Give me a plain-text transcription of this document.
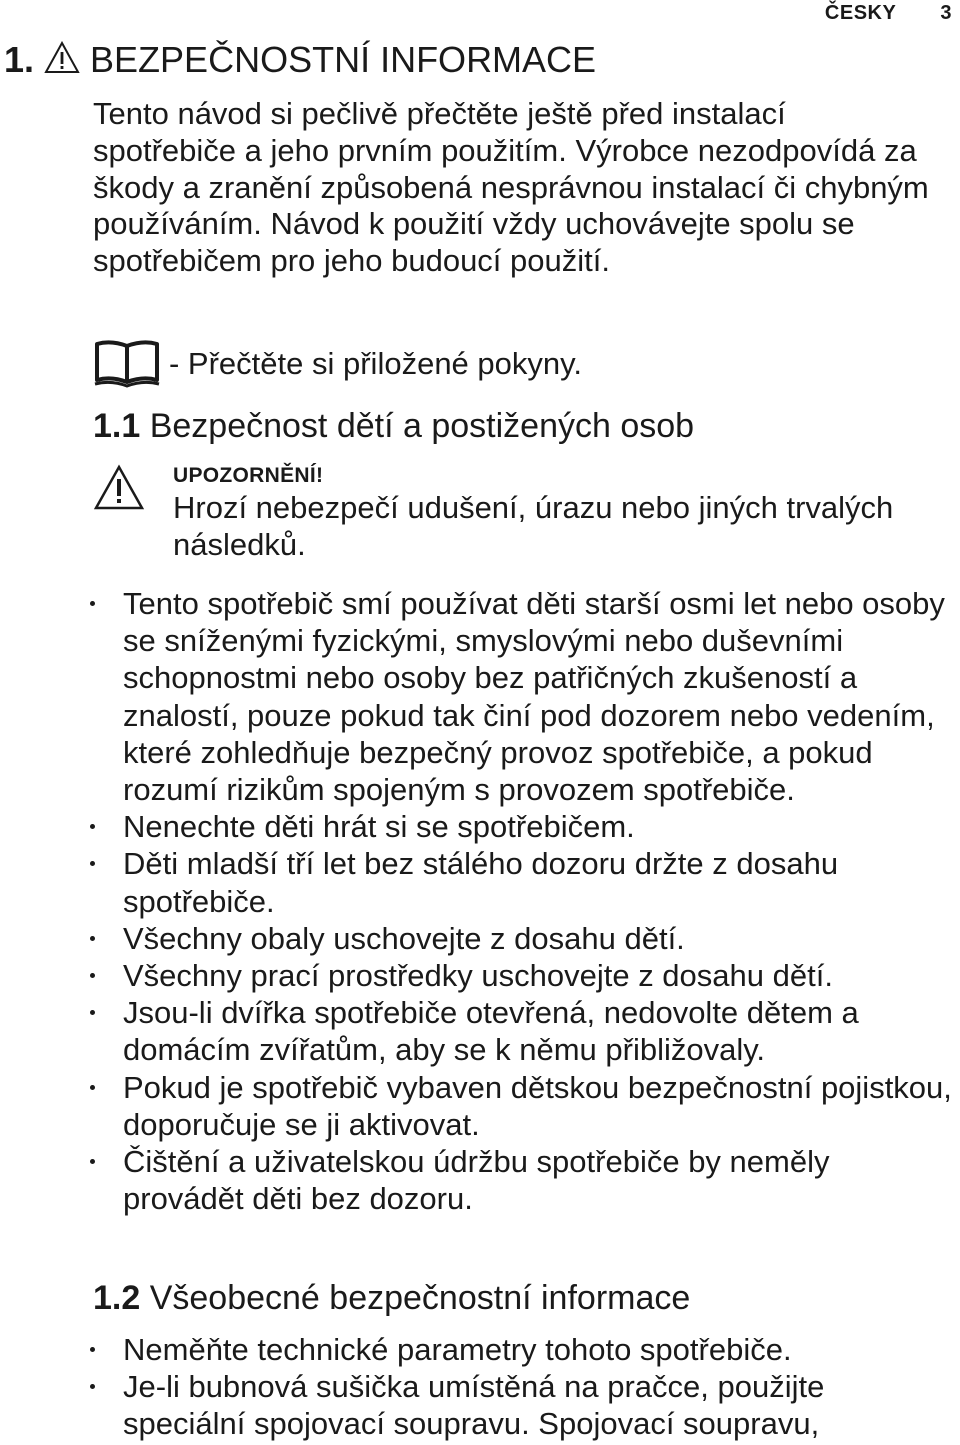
ČESKY 3
1. BEZPEČNOSTNÍ INFORMACE

Tento návod si pečlivě přečtěte ještě před instalací spotřebiče a jeho prvním použitím. Výrobce nezodpovídá za škody a zranění způsobená nesprávnou instalací či chybným používáním. Návod k použití vždy uchovávejte spolu se spotřebičem pro jeho budoucí použití.

- Přečtěte si přiložené pokyny.
1.1 Bezpečnost dětí a postižených osob
UPOZORNĚNÍ!

Hrozí nebezpečí udušení, úrazu nebo jiných trvalých následků.

Tento spotřebič smí používat děti starší osmi let nebo osoby se sníženými fyzickými, smyslovými nebo duševními schopnostmi nebo osoby bez patřičných zkušeností a znalostí, pouze pokud tak činí pod dozorem nebo vedením, které zohledňuje bezpečný provoz spotřebiče, a pokud rozumí rizikům spojeným s provozem spotřebiče.
Nenechte děti hrát si se spotřebičem.
Děti mladší tří let bez stálého dozoru držte z dosahu spotřebiče.
Všechny obaly uschovejte z dosahu dětí.
Všechny prací prostředky uschovejte z dosahu dětí.
Jsou-li dvířka spotřebiče otevřená, nedovolte dětem a domácím zvířatům, aby se k němu přibližovaly.
Pokud je spotřebič vybaven dětskou bezpečnostní pojistkou, doporučuje se ji aktivovat.
Čištění a uživatelskou údržbu spotřebiče by neměly provádět děti bez dozoru.
1.2 Všeobecné bezpečnostní informace
Neměňte technické parametry tohoto spotřebiče.
Je-li bubnová sušička umístěná na pračce, použijte speciální spojovací soupravu. Spojovací soupravu,
